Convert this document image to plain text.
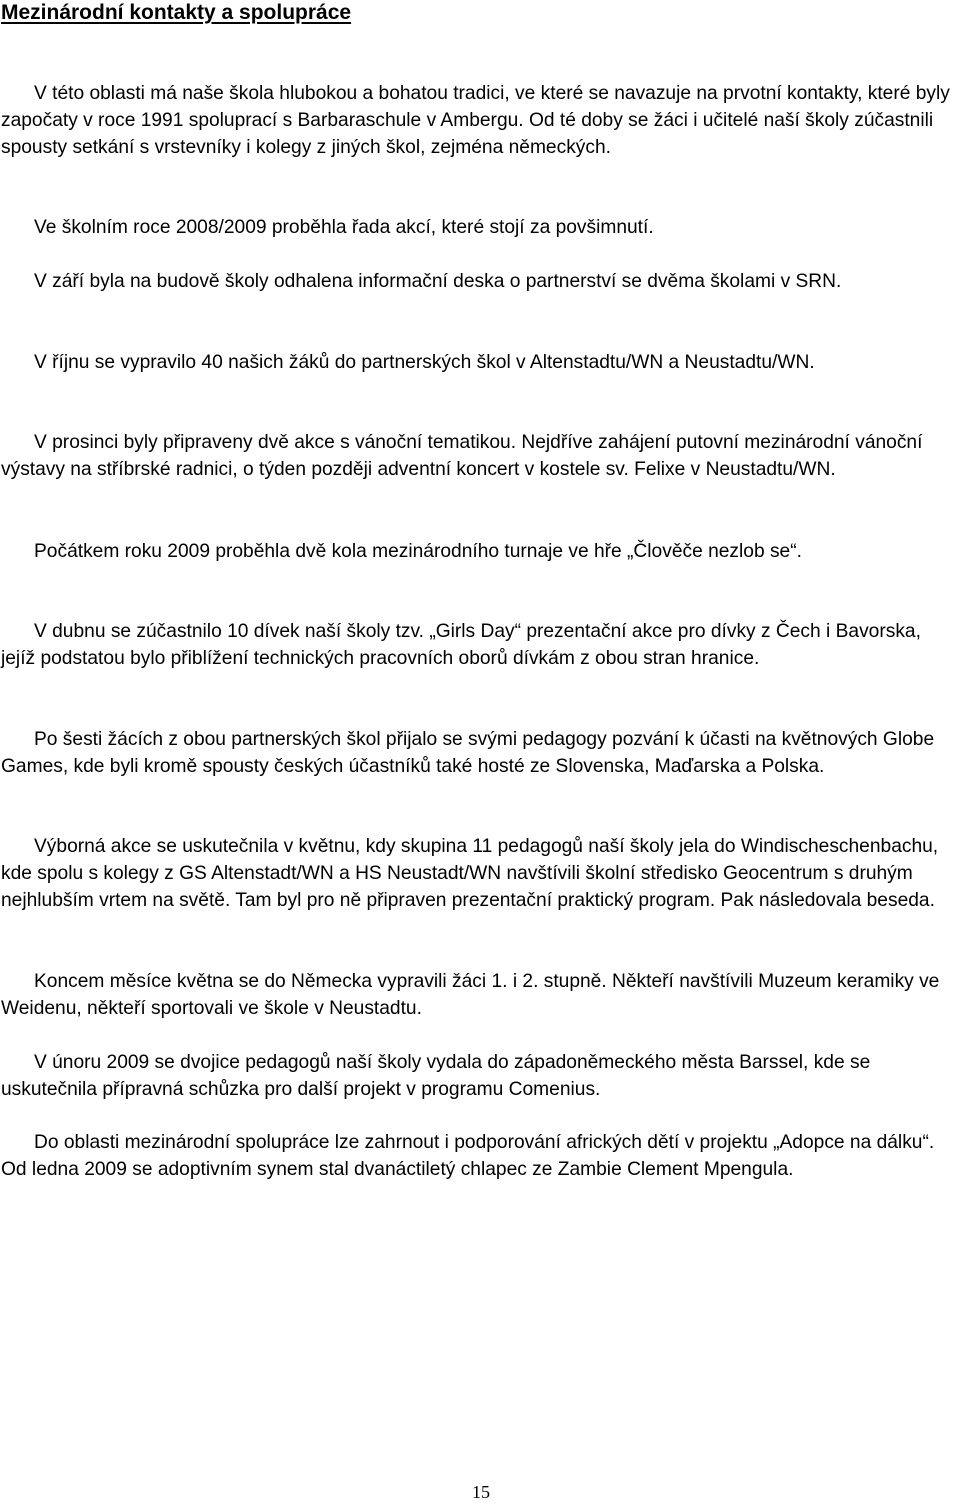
Mezinárodní kontakty a spolupráce

V této oblasti má naše škola hlubokou a bohatou tradici, ve které se navazuje na prvotní kontakty, které byly započaty v roce 1991 spoluprací s Barbaraschule v Ambergu. Od té doby se žáci i učitelé naší školy zúčastnili spousty setkání s vrstevníky i kolegy z jiných škol, zejména německých.

Ve školním roce 2008/2009 proběhla řada akcí, které stojí za povšimnutí.

V září byla na budově školy odhalena informační deska o partnerství se dvěma školami v SRN.

V říjnu se vypravilo 40 našich žáků do partnerských škol v Altenstadtu/WN a Neustadtu/WN.

V prosinci byly připraveny dvě akce s vánoční tematikou. Nejdříve zahájení putovní mezinárodní vánoční výstavy na stříbrské radnici, o týden později adventní koncert v kostele sv. Felixe v Neustadtu/WN.

Počátkem roku 2009 proběhla dvě kola mezinárodního turnaje ve hře „Člověče nezlob se“.

V dubnu se zúčastnilo 10 dívek naší školy tzv. „Girls Day“ prezentační akce pro dívky z Čech i Bavorska, jejíž podstatou bylo přiblížení technických pracovních oborů dívkám z obou stran hranice.

Po šesti žácích z obou partnerských škol přijalo se svými pedagogy pozvání k účasti na květnových Globe Games, kde byli kromě spousty českých účastníků také hosté ze Slovenska, Maďarska a Polska.

Výborná akce se uskutečnila v květnu, kdy skupina 11 pedagogů naší školy jela do Windischeschenbachu, kde spolu s kolegy z GS Altenstadt/WN a HS Neustadt/WN navštívili školní středisko Geocentrum s druhým nejhlubším vrtem na světě. Tam byl pro ně připraven prezentační praktický program. Pak následovala beseda.

Koncem měsíce května se do Německa vypravili žáci 1. i 2. stupně. Někteří navštívili Muzeum keramiky ve Weidenu, někteří sportovali ve škole v Neustadtu.

V únoru 2009 se dvojice pedagogů naší školy vydala do západoněmeckého města Barssel, kde se uskutečnila přípravná schůzka pro další projekt v programu Comenius.

Do oblasti mezinárodní spolupráce lze zahrnout i podporování afrických dětí v projektu „Adopce na dálku“. Od ledna 2009 se adoptivním synem stal dvanáctiletý chlapec ze Zambie Clement Mpengula.

15
